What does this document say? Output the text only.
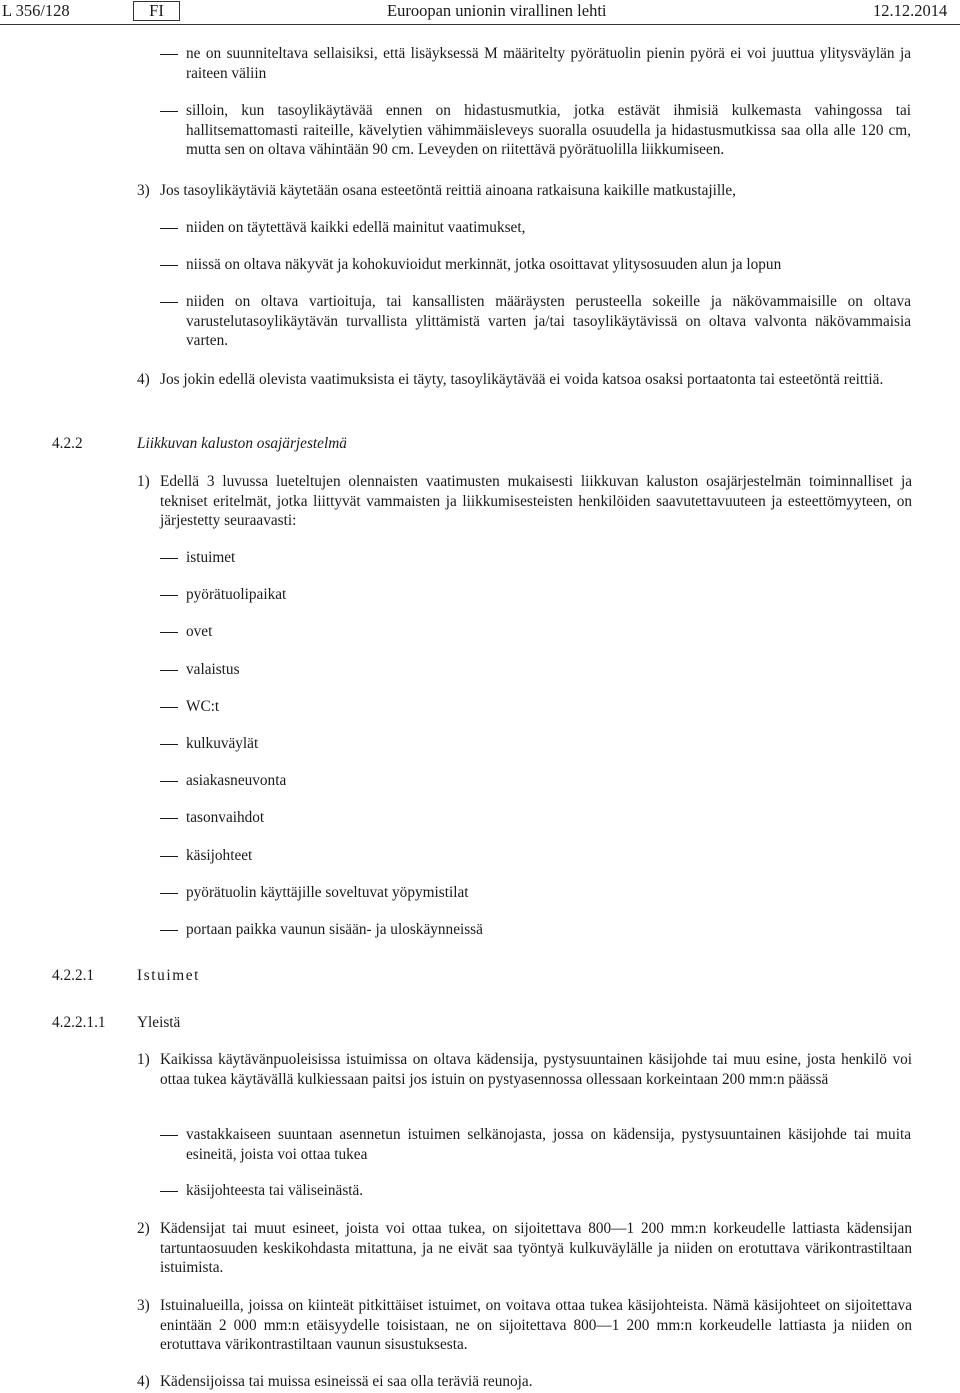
L 356/128	FI	Euroopan unionin virallinen lehti	12.12.2014
ne on suunniteltava sellaisiksi, että lisäyksessä M määritelty pyörätuolin pienin pyörä ei voi juuttua ylitysväylän ja raiteen väliin
silloin, kun tasoylikäytävää ennen on hidastusmutkia, jotka estävät ihmisiä kulkemasta vahingossa tai hallitsemattomasti raiteille, kävelytien vähimmäisleveys suoralla osuudella ja hidastusmutkissa saa olla alle 120 cm, mutta sen on oltava vähintään 90 cm. Leveyden on riitettävä pyörätuolilla liikkumiseen.
3) Jos tasoylikäytäviä käytetään osana esteetöntä reittiä ainoana ratkaisuna kaikille matkustajille,
niiden on täytettävä kaikki edellä mainitut vaatimukset,
niissä on oltava näkyvät ja kohokuvioidut merkinnät, jotka osoittavat ylitysosuuden alun ja lopun
niiden on oltava vartioituja, tai kansallisten määräysten perusteella sokeille ja näkövammaisille on oltava varustelutasoylikäytävän turvallista ylittämistä varten ja/tai tasoylikäytävissä on oltava valvonta näkövammaisia varten.
4) Jos jokin edellä olevista vaatimuksista ei täyty, tasoylikäytävää ei voida katsoa osaksi portaatonta tai esteetöntä reittiä.
4.2.2	Liikkuvan kaluston osajärjestelmä
1) Edellä 3 luvussa lueteltujen olennaisten vaatimusten mukaisesti liikkuvan kaluston osajärjestelmän toiminnalliset ja tekniset eritelmät, jotka liittyvät vammaisten ja liikkumisesteisten henkilöiden saavutettavuuteen ja esteettömyyteen, on järjestetty seuraavasti:
istuimet
pyörätuolipaikat
ovet
valaistus
WC:t
kulkuväylät
asiakasneuvonta
tasonvaihdot
käsijohteet
pyörätuolin käyttäjille soveltuvat yöpymistilat
portaan paikka vaunun sisään- ja uloskäynneissä
4.2.2.1	Istuimet
4.2.2.1.1 Yleistä
1) Kaikissa käytävänpuoleisissa istuimissa on oltava kädensija, pystysuuntainen käsijohde tai muu esine, josta henkilö voi ottaa tukea käytävällä kulkiessaan paitsi jos istuin on pystyasennossa ollessaan korkeintaan 200 mm:n päässä
vastakkaiseen suuntaan asennetun istuimen selkänojasta, jossa on kädensija, pystysuuntainen käsijohde tai muita esineitä, joista voi ottaa tukea
käsijohteesta tai väliseinästä.
2) Kädensijat tai muut esineet, joista voi ottaa tukea, on sijoitettava 800—1 200 mm:n korkeudelle lattiasta kädensijan tartuntaosuuden keskikohdasta mitattuna, ja ne eivät saa työntyä kulkuväylälle ja niiden on erotuttava värikontrastiltaan istuimista.
3) Istuinalueilla, joissa on kiinteät pitkittäiset istuimet, on voitava ottaa tukea käsijohteista. Nämä käsijohteet on sijoitettava enintään 2 000 mm:n etäisyydelle toisistaan, ne on sijoitettava 800—1 200 mm:n korkeudelle lattiasta ja niiden on erotuttava värikontrastiltaan vaunun sisustuksesta.
4) Kädensijoissa tai muissa esineissä ei saa olla teräviä reunoja.
